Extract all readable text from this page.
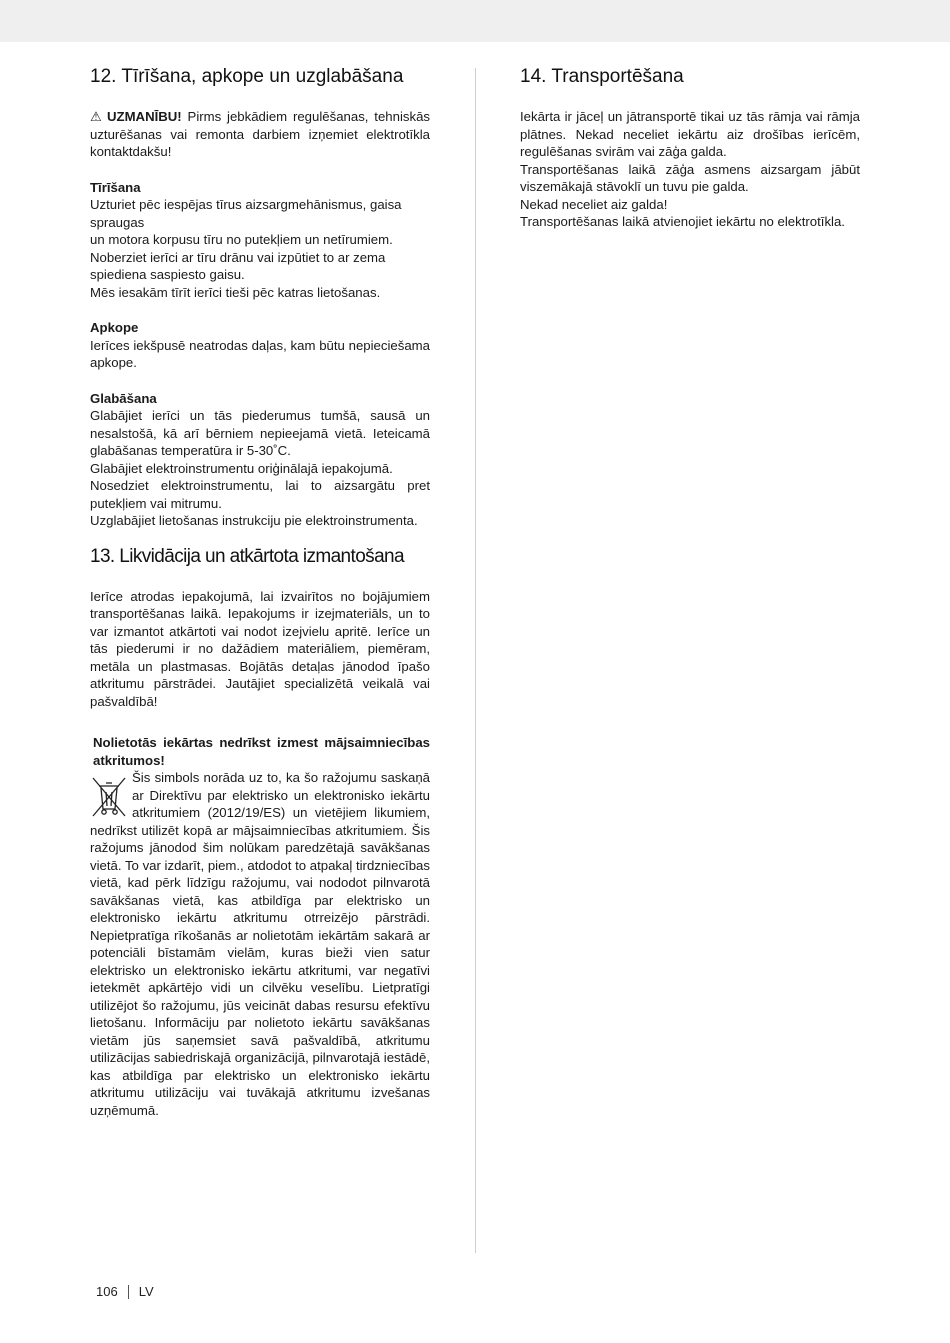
12. Tīrīšana, apkope un uzglabāšana

⚠ UZMANĪBU! Pirms jebkādiem regulēšanas, tehniskās uzturēšanas vai remonta darbiem izņemiet elektrotīkla kontaktdakšu!

Tīrīšana

Uzturiet pēc iespējas tīrus aizsargmehānismus, gaisa spraugas

un motora korpusu tīru no putekļiem un netīrumiem. Noberziet ierīci ar tīru drānu vai izpūtiet to ar zema spiediena saspiesto gaisu.

Mēs iesakām tīrīt ierīci tieši pēc katras lietošanas.

Apkope

Ierīces iekšpusē neatrodas daļas, kam būtu nepieciešama apkope.

Glabāšana

Glabājiet ierīci un tās piederumus tumšā, sausā un nesalstošā, kā arī bērniem nepieejamā vietā. Ieteicamā glabāšanas temperatūra ir 5-30˚C.

Glabājiet elektroinstrumentu oriģinālajā iepakojumā.

Nosedziet elektroinstrumentu, lai to aizsargātu pret putekļiem vai mitrumu.

Uzglabājiet lietošanas instrukciju pie elektroinstrumenta.

13. Likvidācija un atkārtota izmantošana

Ierīce atrodas iepakojumā, lai izvairītos no bojājumiem transportēšanas laikā. Iepakojums ir izejmateriāls, un to var izmantot atkārtoti vai nodot izejvielu apritē. Ierīce un tās piederumi ir no dažādiem materiāliem, piemēram, metāla un plastmasas. Bojātās detaļas jānodod īpašo atkritumu pārstrādei. Jautājiet specializētā veikalā vai pašvaldībā!

Nolietotās iekārtas nedrīkst izmest mājsaimniecības atkritumos!

Šis simbols norāda uz to, ka šo ražojumu saskaņā ar Direktīvu par elektrisko un elektronisko iekārtu atkritumiem (2012/19/ES) un vietējiem likumiem, nedrīkst utilizēt kopā ar mājsaimniecības atkritumiem. Šis ražojums jānodod šim nolūkam paredzētajā savākšanas vietā. To var izdarīt, piem., atdodot to atpakaļ tirdzniecības vietā, kad pērk līdzīgu ražojumu, vai nododot pilnvarotā savākšanas vietā, kas atbildīga par elektrisko un elektronisko iekārtu atkritumu otrreizējo pārstrādi. Nepietpratīga rīkošanās ar nolietotām iekārtām sakarā ar potenciāli bīstamām vielām, kuras bieži vien satur elektrisko un elektronisko iekārtu atkritumi, var negatīvi ietekmēt apkārtējo vidi un cilvēku veselību. Lietpratīgi utilizējot šo ražojumu, jūs veicināt dabas resursu efektīvu lietošanu. Informāciju par nolietoto iekārtu savākšanas vietām jūs saņemsiet savā pašvaldībā, atkritumu utilizācijas sabiedriskajā organizācijā, pilnvarotajā iestādē, kas atbildīga par elektrisko un elektronisko iekārtu atkritumu utilizāciju vai tuvākajā atkritumu izvešanas uzņēmumā.

14. Transportēšana

Iekārta ir jāceļ un jātransportē tikai uz tās rāmja vai rāmja plātnes. Nekad neceliet iekārtu aiz drošības ierīcēm, regulēšanas svirām vai zāģa galda.

Transportēšanas laikā zāģa asmens aizsargam jābūt viszemākajā stāvoklī un tuvu pie galda.

Nekad neceliet aiz galda!

Transportēšanas laikā atvienojiet iekārtu no elektrotīkla.

106 LV
